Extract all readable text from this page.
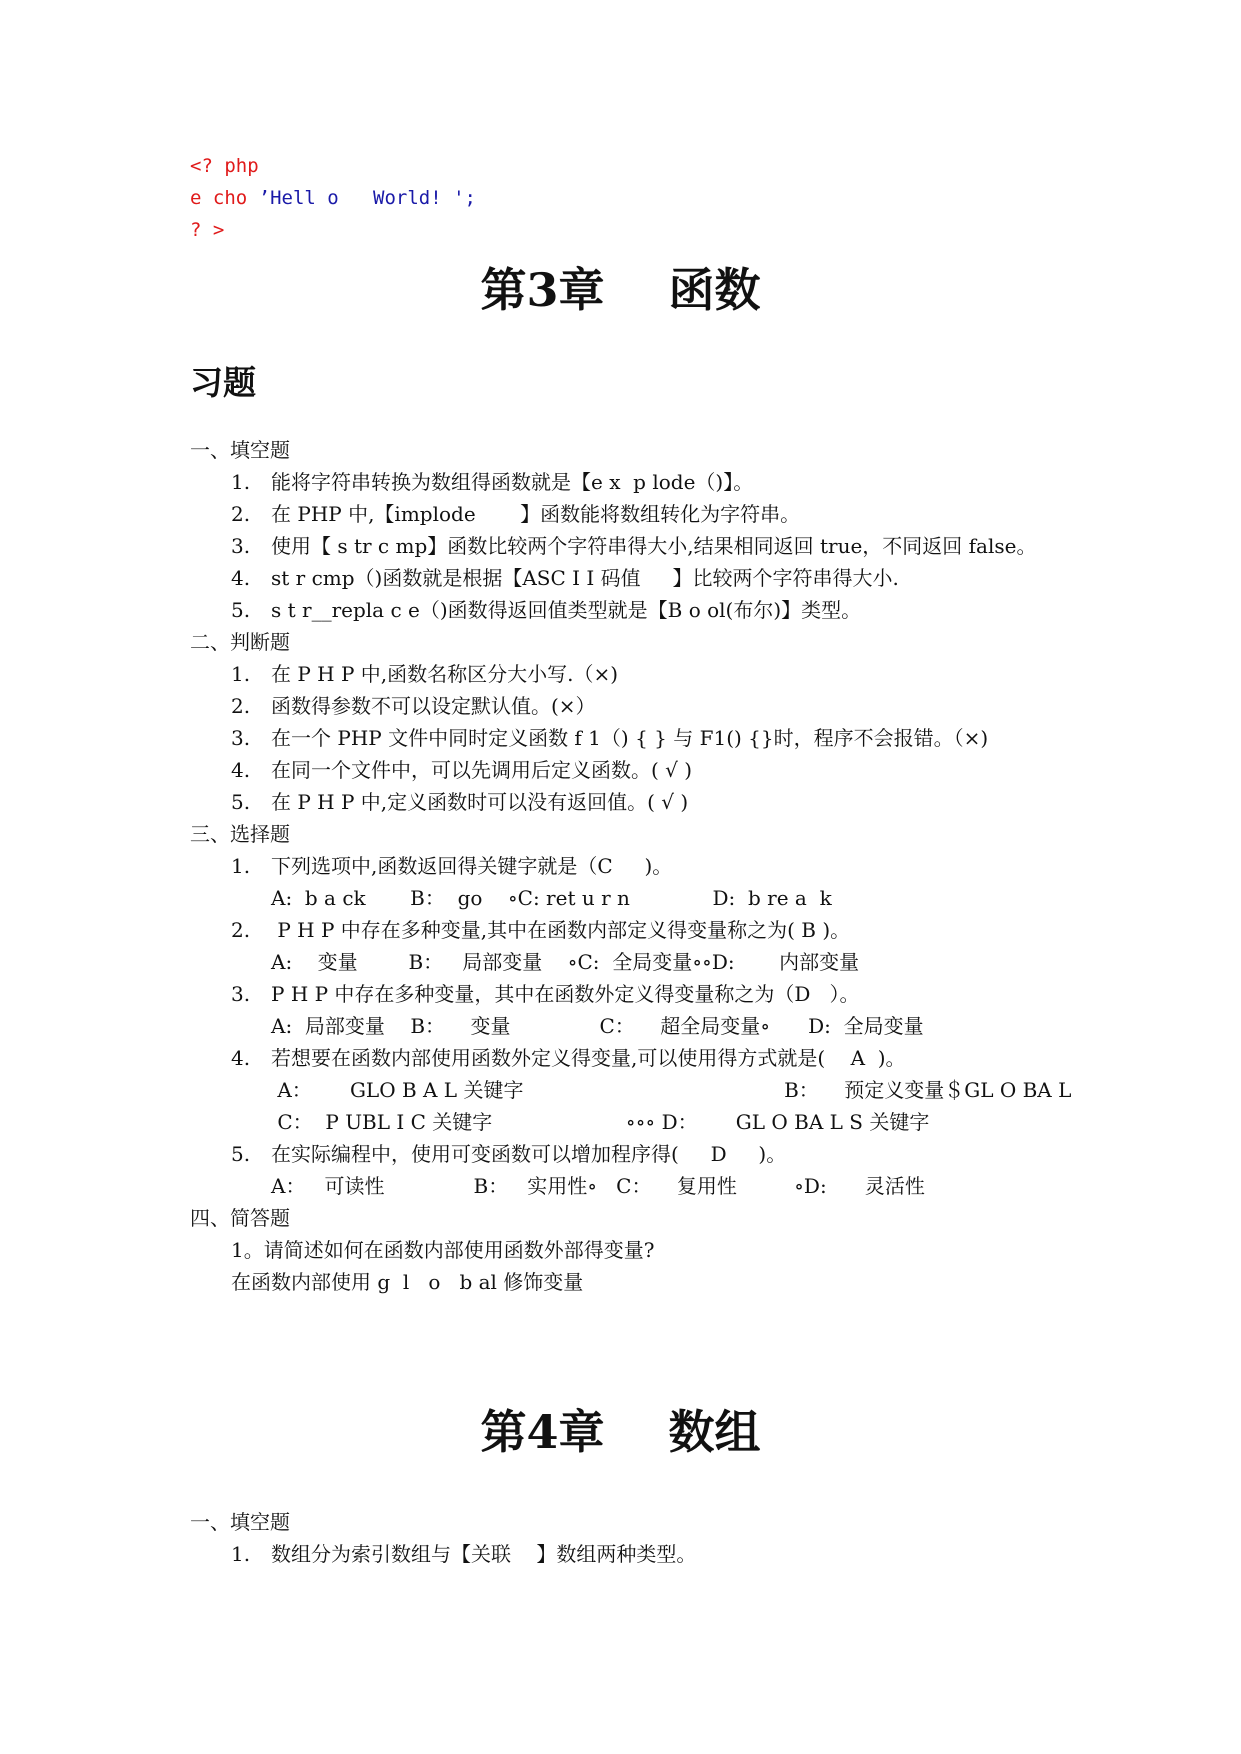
<? php
e cho ’Hell o   World! ';
? >
第3章    函数
习题
一、填空题
1. 能将字符串转换为数组得函数就是【e x  p lode（)】。
2. 在 PHP 中,【implode       】函数能将数组转化为字符串。
3. 使用【 s tr c mp】函数比较两个字符串得大小,结果相同返回 true，不同返回 false。
4. st r cmp（)函数就是根据【ASC I I 码值     】比较两个字符串得大小.
5. s t r__repla c e（)函数得返回值类型就是【B o ol(布尔)】类型。
二、判断题
1. 在 P H P 中,函数名称区分大小写.（×)
2. 函数得参数不可以设定默认值。(×）
3. 在一个 PHP 文件中同时定义函数 f 1（) { } 与 F1() {}时，程序不会报错。（×)
4. 在同一个文件中，可以先调用后定义函数。( √ )
5. 在 P H P 中,定义函数时可以没有返回值。( √ )
三、选择题
1. 下列选项中,函数返回得关键字就是（C     )。
A:  b a ck       B：  go    ∘C: ret u r n             D:  b re a  k
2. P H P 中存在多种变量,其中在函数内部定义得变量称之为( B )。
A:    变量        B：   局部变量    ∘C:  全局变量∘∘D:       内部变量
3. P H P 中存在多种变量，其中在函数外定义得变量称之为（D   ）。
A:  局部变量    B：    变量              C：    超全局变量∘      D:  全局变量
4. 若想要在函数内部使用函数外定义得变量,可以使用得方式就是(    A  )。
A：      GLO B A L 关键字                                         B：    预定义变量＄GL O BA L
C：  P UBL I C 关键字                     ∘∘∘ D：      GL O BA L S 关键字
5. 在实际编程中，使用可变函数可以增加程序得(     D     )。
A：   可读性              B：   实用性∘   C：    复用性         ∘D:      灵活性
四、简答题
1。请简述如何在函数内部使用函数外部得变量?
在函数内部使用 g  l   o   b al 修饰变量
第4章    数组
一、填空题
1. 数组分为索引数组与【关联    】数组两种类型。
